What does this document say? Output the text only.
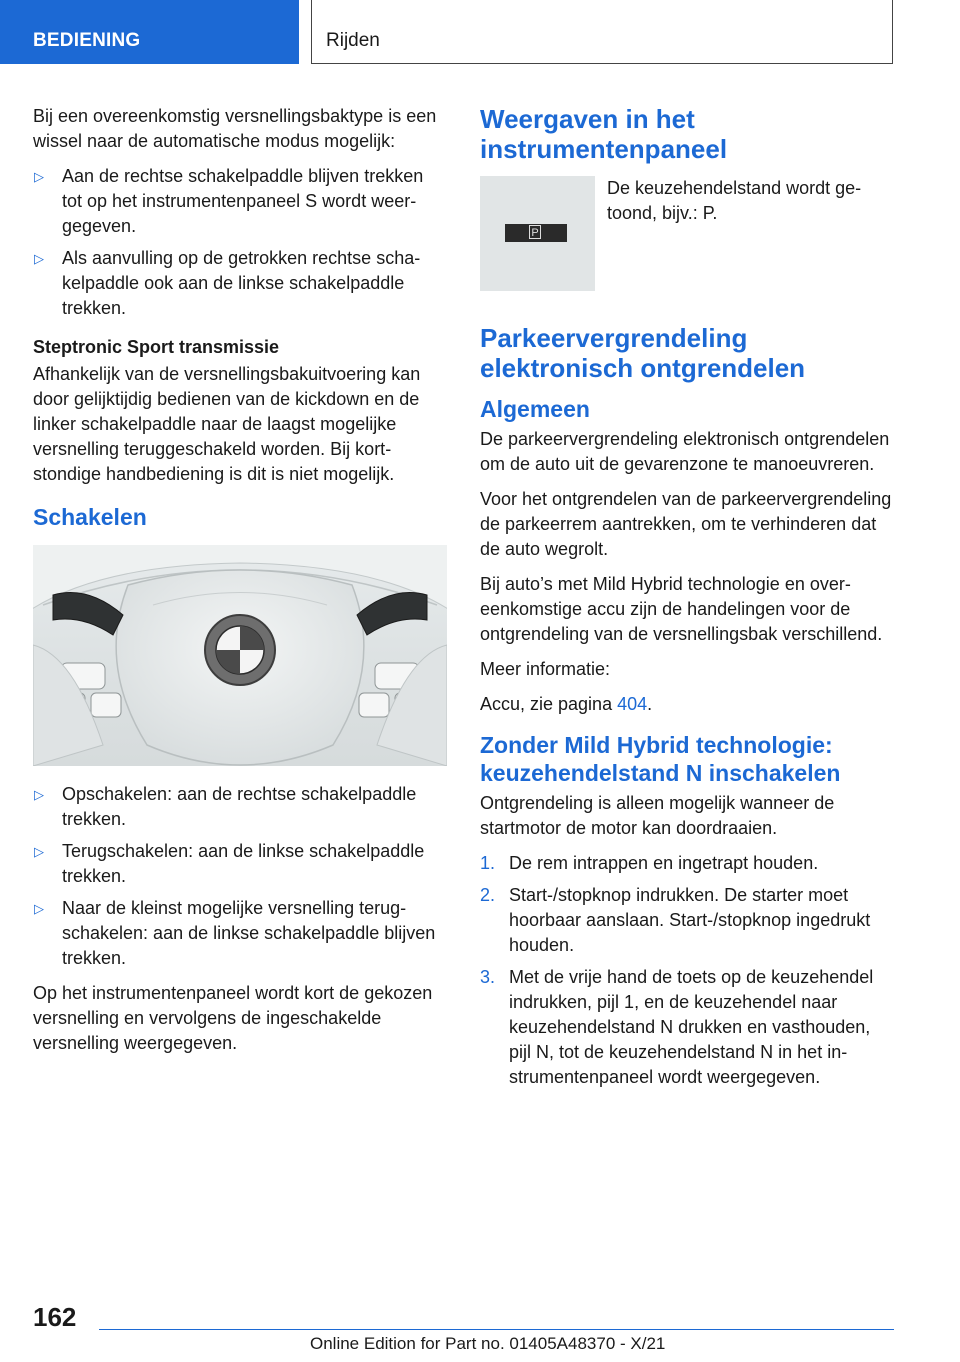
BEDIENING	Rijden

Bij een overeenkomstig versnellingsbaktype is een wissel naar de automatische modus mogelijk:

▷ Aan de rechtse schakelpaddle blijven trekken tot op het instrumentenpaneel S wordt weergegeven.
▷ Als aanvulling op de getrokken rechtse schakelpaddle ook aan de linkse schakelpaddle trekken.
Steptronic Sport transmissie

Afhankelijk van de versnellingsbakuitvoering kan door gelijktijdig bedienen van de kickdown en de linker schakelpaddle naar de laagst mogelijke versnelling teruggeschakeld worden. Bij kortstondige handbediening is dit is niet mogelijk.

Schakelen
▷ Opschakelen: aan de rechtse schakelpaddle trekken.
▷ Terugschakelen: aan de linkse schakelpaddle trekken.
▷ Naar de kleinst mogelijke versnelling terugschakelen: aan de linkse schakelpaddle blijven trekken.

Op het instrumentenpaneel wordt kort de gekozen versnelling en vervolgens de ingeschakelde versnelling weergegeven.

Weergaven in het instrumentenpaneel
P
De keuzehendelstand wordt getoond, bijv.: P.
Parkeervergrendeling elektronisch ontgrendelen
Algemeen

De parkeervergrendeling elektronisch ontgrendelen om de auto uit de gevarenzone te manoeuvreren.

Voor het ontgrendelen van de parkeervergrendeling de parkeerrem aantrekken, om te verhinderen dat de auto wegrolt.

Bij auto’s met Mild Hybrid technologie en overeenkomstige accu zijn de handelingen voor de ontgrendeling van de versnellingsbak verschillend.

Meer informatie:

Accu, zie pagina 404.

Zonder Mild Hybrid technologie: keuzehendelstand N inschakelen

Ontgrendeling is alleen mogelijk wanneer de startmotor de motor kan doordraaien.

1. De rem intrappen en ingetrapt houden.
2. Start-/stopknop indrukken. De starter moet hoorbaar aanslaan. Start-/stopknop ingedrukt houden.
3. Met de vrije hand de toets op de keuzehendel indrukken, pijl 1, en de keuzehendel naar keuzehendelstand N drukken en vasthouden, pijl N, tot de keuzehendelstand N in het instrumentenpaneel wordt weergegeven.
162
Online Edition for Part no. 01405A48370 - X/21
